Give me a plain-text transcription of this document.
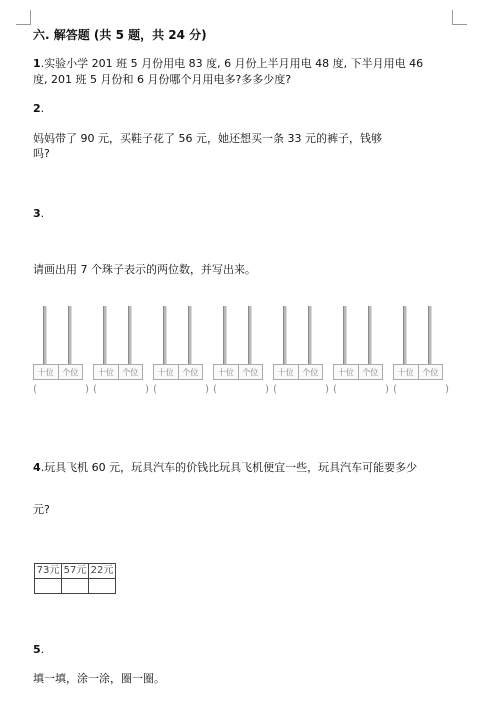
六. 解答题 (共 5 题，共 24 分)
1.实验小学 201 班 5 月份用电 83 度, 6 月份上半月用电 48 度, 下半月用电 46
度, 201 班 5 月份和 6 月份哪个月用电多?多多少度?
2.
妈妈带了 90 元，买鞋子花了 56 元，她还想买一条 33 元的裤子，钱够
吗?
3.
请画出用 7 个珠子表示的两位数，并写出来。
十位	个位
(	)
十位	个位
(	)
十位	个位
(	)
十位	个位
(	)
十位	个位
(	)
十位	个位
(	)
十位	个位
(	)
4.玩具飞机 60 元，玩具汽车的价钱比玩具飞机便宜一些，玩具汽车可能要多少
元?
73元	57元	22元

5.
填一填，涂一涂，圈一圈。
